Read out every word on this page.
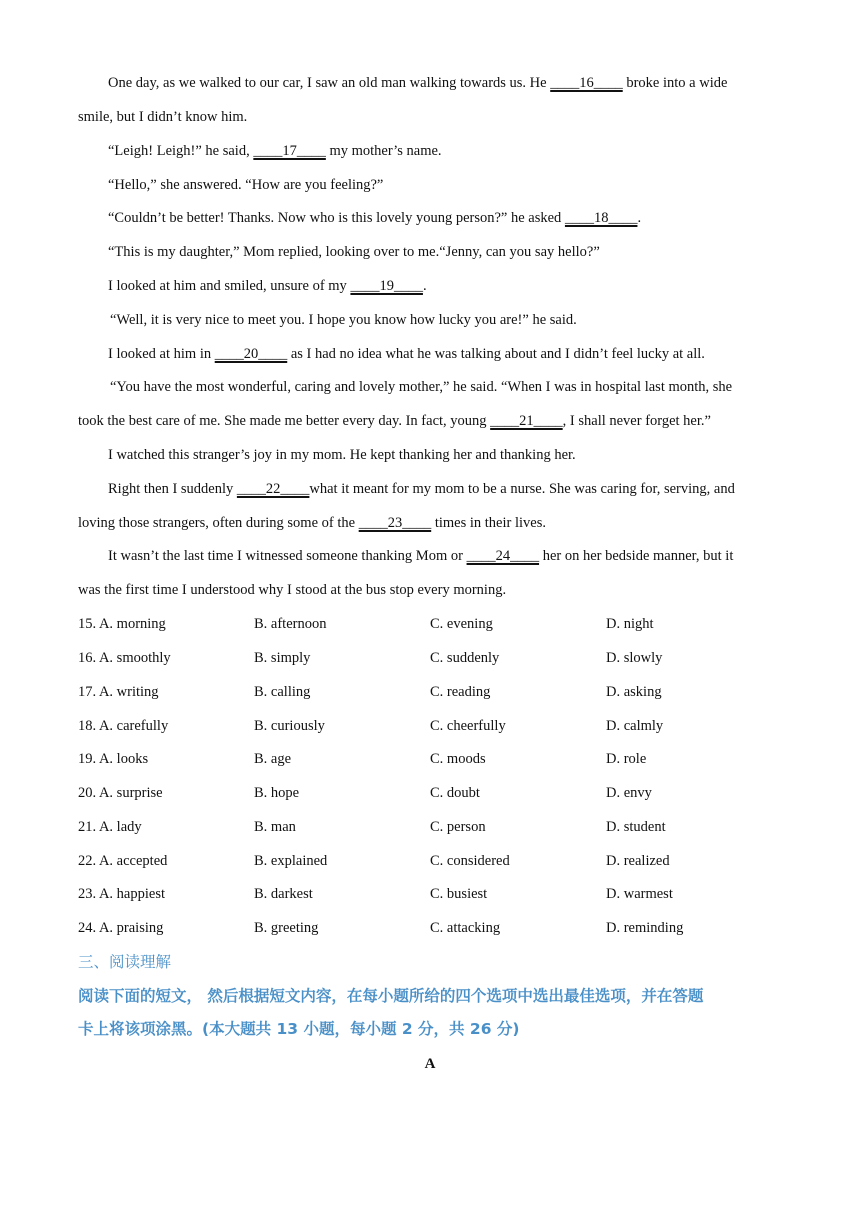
One day, as we walked to our car, I saw an old man walking towards us. He ____16____ broke into a wide
smile, but I didn’t know him.
“Leigh! Leigh!” he said, ____17____ my mother’s name.
“Hello,” she answered. “How are you feeling?”
“Couldn’t be better! Thanks. Now who is this lovely young person?” he asked ____18____.
“This is my daughter,” Mom replied, looking over to me.“Jenny, can you say hello?”
I looked at him and smiled, unsure of my ____19____.
“Well, it is very nice to meet you. I hope you know how lucky you are!” he said.
I looked at him in ____20____ as I had no idea what he was talking about and I didn’t feel lucky at all.
“You have the most wonderful, caring and lovely mother,” he said. “When I was in hospital last month, she
took the best care of me. She made me better every day. In fact, young ____21____, I shall never forget her.”
I watched this stranger’s joy in my mom. He kept thanking her and thanking her.
Right then I suddenly ____22____what it meant for my mom to be a nurse. She was caring for, serving, and
loving those strangers, often during some of the ____23____ times in their lives.
It wasn’t the last time I witnessed someone thanking Mom or ____24____ her on her bedside manner, but it
was the first time I understood why I stood at the bus stop every morning.
15. A. morning	B. afternoon	C. evening	D. night
16. A. smoothly	B. simply	C. suddenly	D. slowly
17. A. writing	B. calling	C. reading	D. asking
18. A. carefully	B. curiously	C. cheerfully	D. calmly
19. A. looks	B. age	C. moods	D. role
20. A. surprise	B. hope	C. doubt	D. envy
21. A. lady	B. man	C. person	D. student
22. A. accepted	B. explained	C. considered	D. realized
23. A. happiest	B. darkest	C. busiest	D. warmest
24. A. praising	B. greeting	C. attacking	D. reminding
三、阅读理解
阅读下面的短文， 然后根据短文内容，在每小题所给的四个选项中选出最佳选项，并在答题
卡上将该项涂黑。(本大题共 13 小题，每小题 2 分，共 26 分)
A
